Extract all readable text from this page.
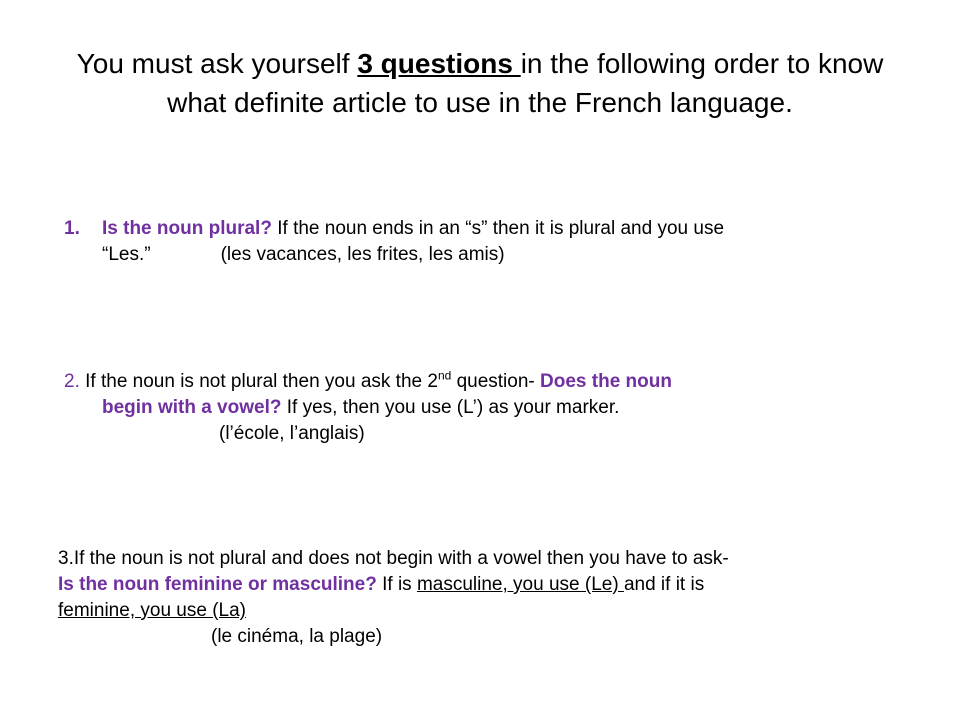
You must ask yourself 3 questions in the following order to know what definite article to use in the French language.
1. Is the noun plural? If the noun ends in an “s” then it is plural and you use
“Les.”	(les vacances, les frites, les amis)
2. If the noun is not plural then you ask the 2nd question- Does the noun
begin with a vowel? If yes, then you use (L’) as your marker.
(l’école, l’anglais)
3.If the noun is not plural and does not begin with a vowel then you have to ask-
Is the noun feminine or masculine? If is masculine, you use (Le) and if it is
feminine, you use (La)
(le cinéma, la plage)
